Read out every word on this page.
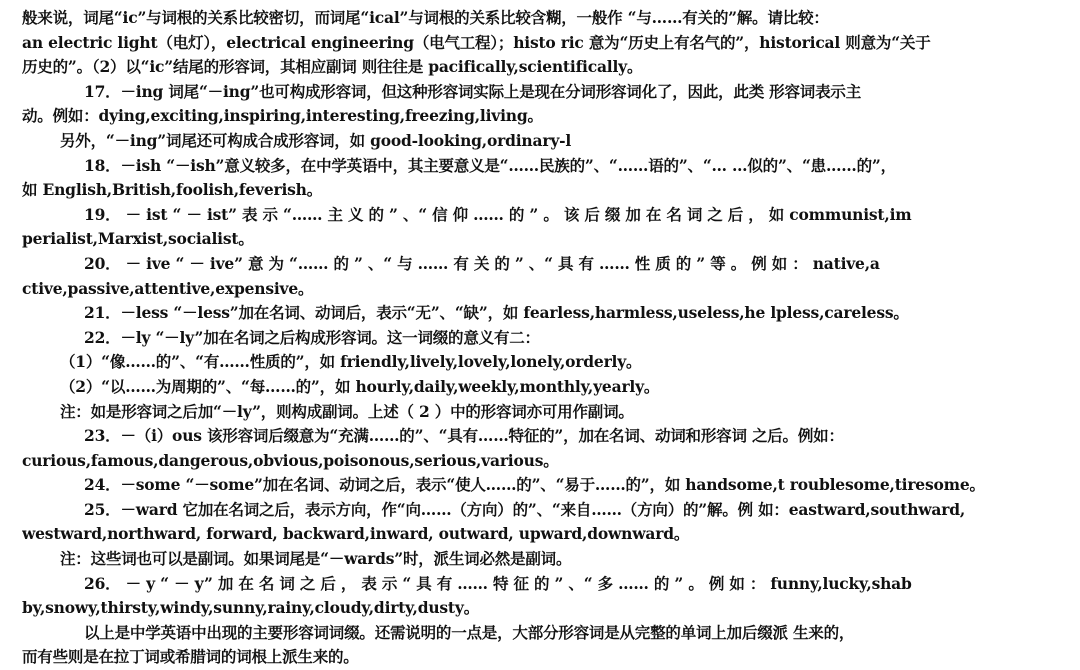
般来说，词尾“ic”与词根的关系比较密切，而词尾“ical”与词根的关系比较含糊，一般作 “与……有关的”解。请比较：
an electric light（电灯），electrical engineering（电气工程）；histo ric 意为“历史上有名气的”，historical 则意为“关于
历史的”。（2）以“ic”结尾的形容词，其相应副词 则往往是 pacifically,scientifically。
17．－ing 词尾“－ing”也可构成形容词，但这种形容词实际上是现在分词形容词化了，因此，此类 形容词表示主
动。例如：dying,exciting,inspiring,interesting,freezing,living。
另外，“－ing”词尾还可构成合成形容词，如 good-looking,ordinary-l
18．－ish “－ish”意义较多，在中学英语中，其主要意义是“……民族的”、“……语的”、“… …似的”、“患……的”，
如 English,British,foolish,feverish。
19． － ist “ － ist” 表 示 “…… 主 义 的 ” 、“ 信 仰 …… 的 ” 。 该 后 缀 加 在 名 词 之 后 ， 如 communist,im
perialist,Marxist,socialist。
20． － ive “ － ive” 意 为 “…… 的 ” 、“ 与 …… 有 关 的 ” 、“ 具 有 …… 性 质 的 ” 等 。 例 如 ： native,a
ctive,passive,attentive,expensive。
21．－less “－less”加在名词、动词后，表示“无”、“缺”，如 fearless,harmless,useless,he lpless,careless。
22．－ly “－ly”加在名词之后构成形容词。这一词缀的意义有二：
（1）“像……的”、“有……性质的”，如 friendly,lively,lovely,lonely,orderly。
（2）“以……为周期的”、“每……的”，如 hourly,daily,weekly,monthly,yearly。
注：如是形容词之后加“－ly”，则构成副词。上述（ 2 ）中的形容词亦可用作副词。
23．－（i）ous 该形容词后缀意为“充满……的”、“具有……特征的”，加在名词、动词和形容词 之后。例如：
curious,famous,dangerous,obvious,poisonous,serious,various。
24．－some “－some”加在名词、动词之后，表示“使人……的”、“易于……的”，如 handsome,t roublesome,tiresome。
25．－ward 它加在名词之后，表示方向，作“向……（方向）的”、“来自……（方向）的”解。例 如：eastward,southward,
westward,northward, forward, backward,inward, outward, upward,downward。
注：这些词也可以是副词。如果词尾是“－wards”时，派生词必然是副词。
26． － y “ － y” 加 在 名 词 之 后 ， 表 示 “ 具 有 …… 特 征 的 ” 、“ 多 …… 的 ” 。 例 如 ： funny,lucky,shab
by,snowy,thirsty,windy,sunny,rainy,cloudy,dirty,dusty。
以上是中学英语中出现的主要形容词词缀。还需说明的一点是，大部分形容词是从完整的单词上加后缀派 生来的，
而有些则是在拉丁词或希腊词的词根上派生来的。
